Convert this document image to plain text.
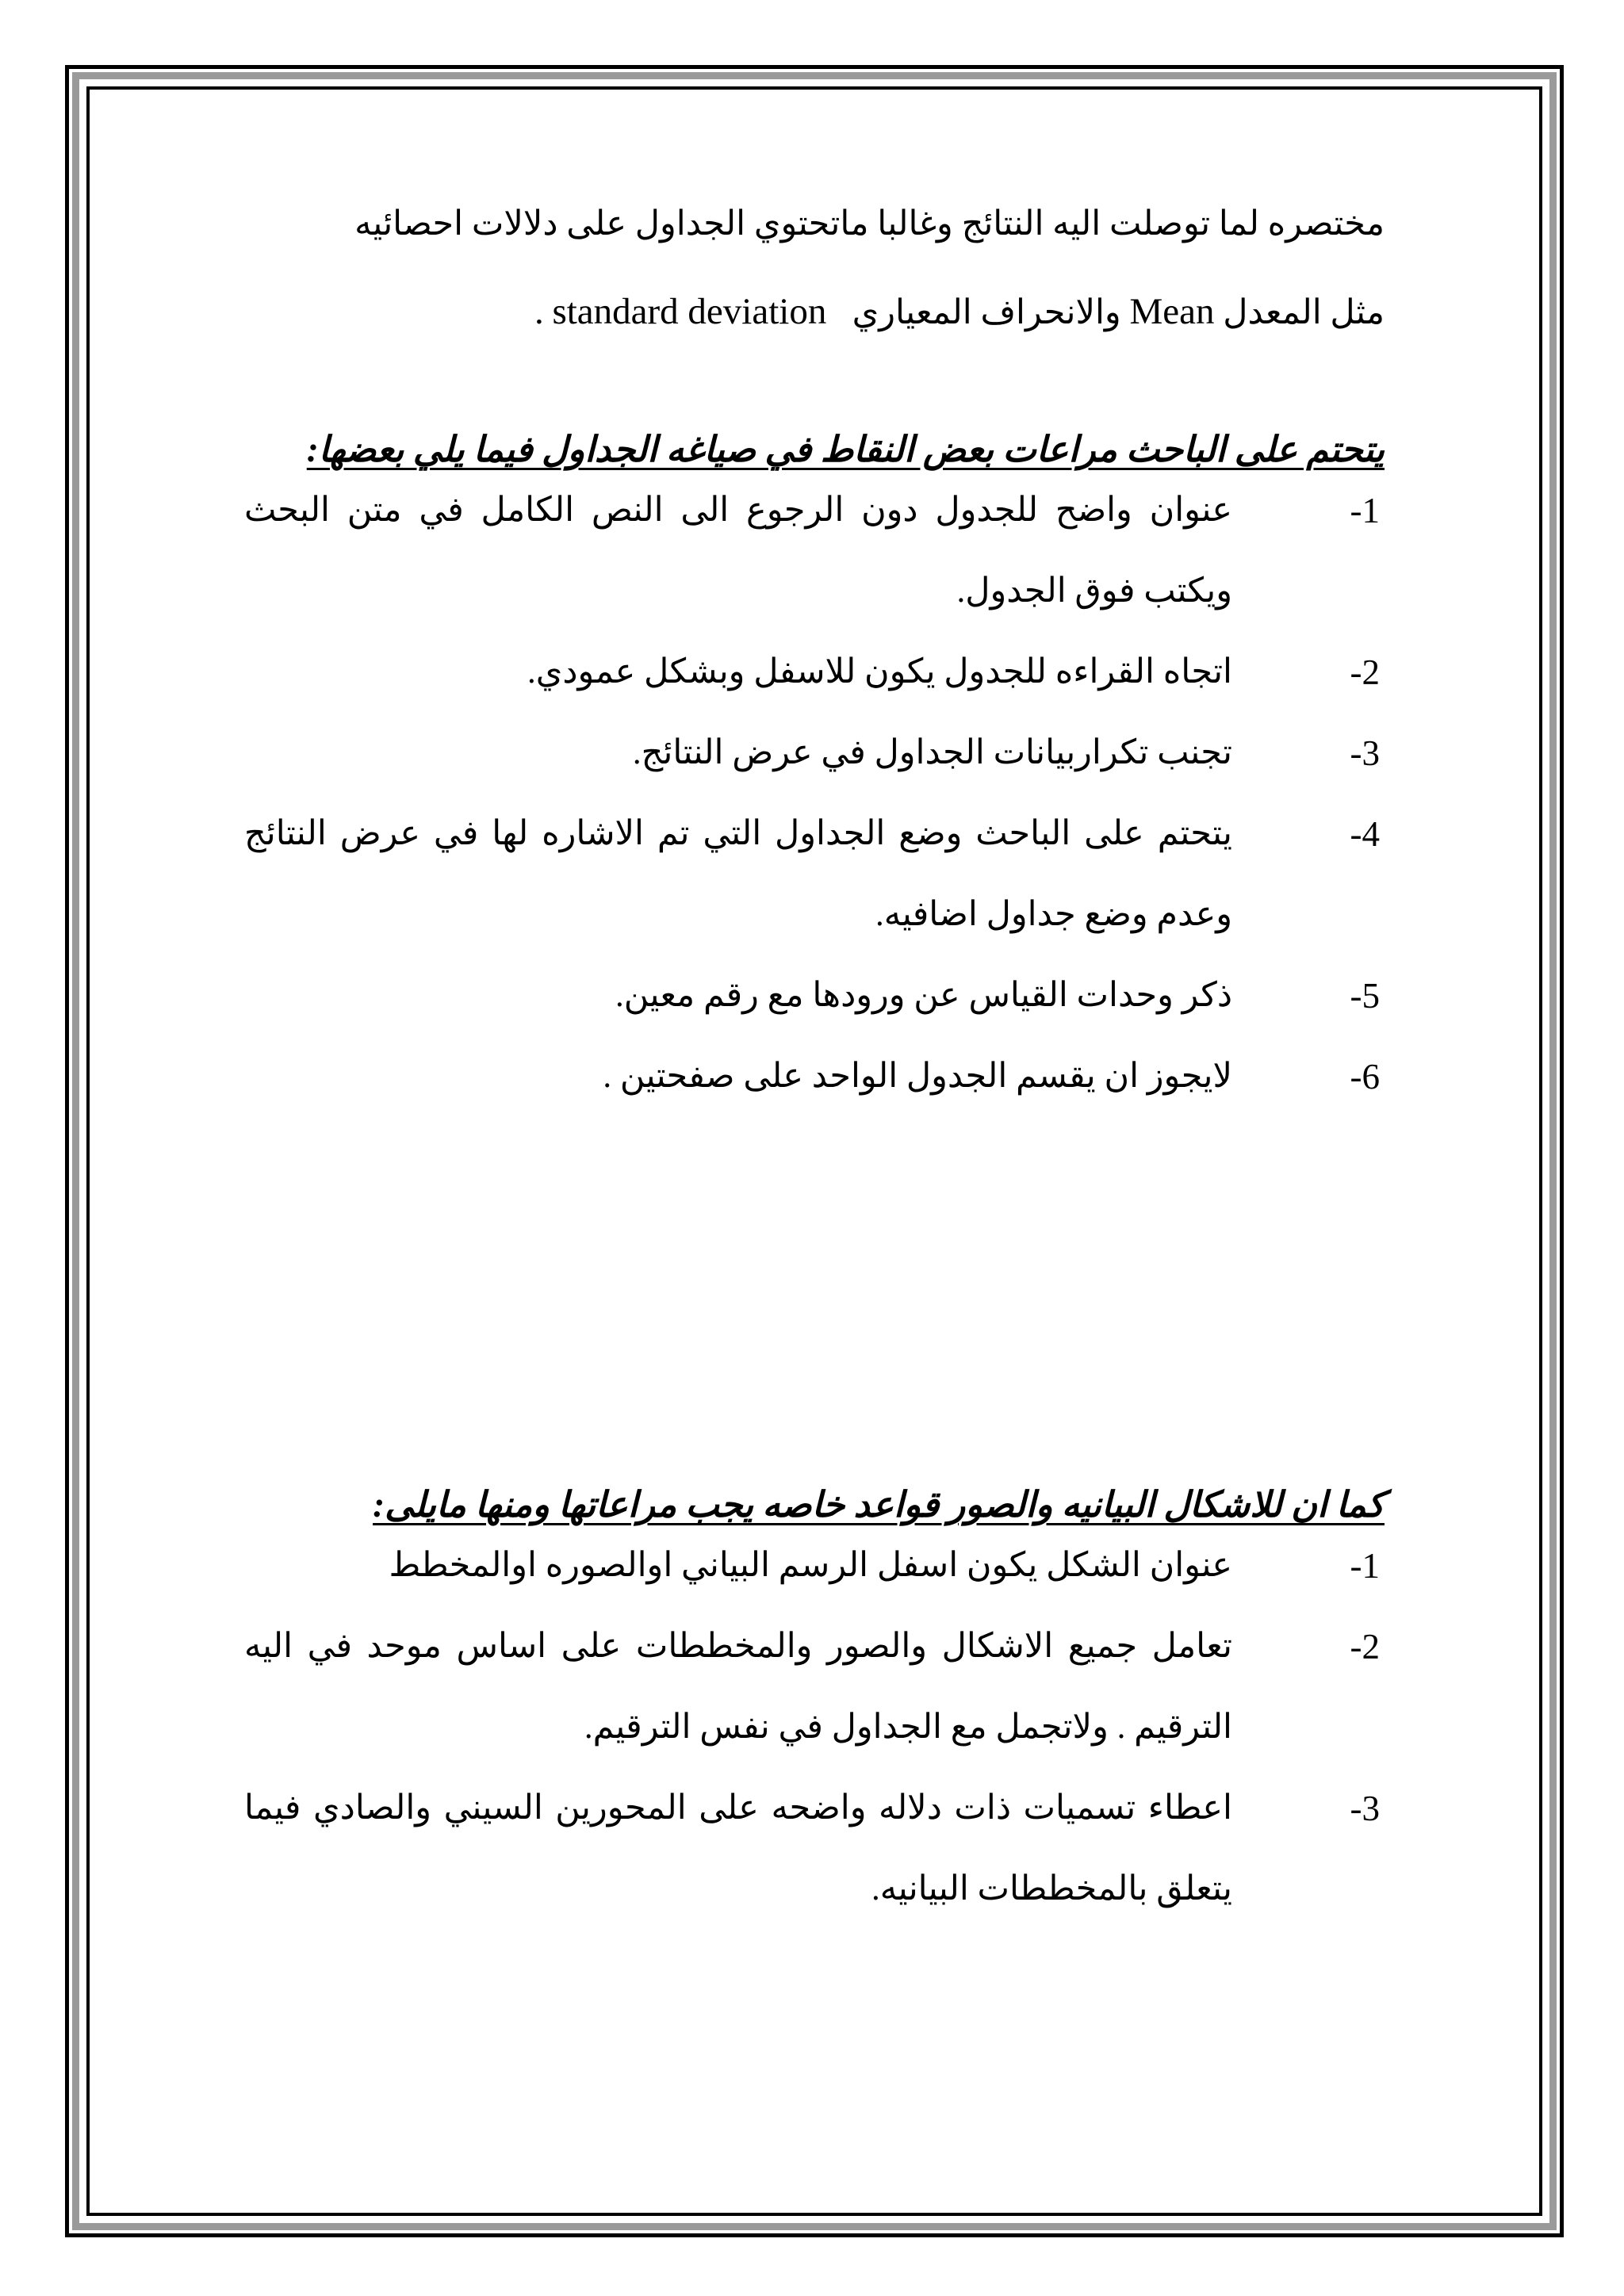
مختصره لما توصلت اليه النتائج وغالبا ماتحتوي الجداول على دلالات احصائيه

مثل المعدل Mean والانحراف المعياري   standard deviation .

يتحتم على الباحث مراعات بعض النقاط في صياغه الجداول فيما يلي بعضها:

-1
عنوان واضح للجدول دون الرجوع الى النص الكامل في متن البحث ويكتب فوق الجدول.
-2
اتجاه القراءه للجدول يكون للاسفل وبشكل عمودي.
-3
تجنب تكراربيانات الجداول في عرض النتائج.
-4
يتحتم على الباحث وضع الجداول التي تم الاشاره لها في عرض النتائج وعدم وضع جداول اضافيه.
-5
ذكر وحدات القياس عن ورودها مع رقم معين.
-6
لايجوز ان يقسم الجدول الواحد على صفحتين .

كما ان للاشكال البيانيه والصور قواعد خاصه يجب مراعاتها ومنها مايلى:

-1
عنوان الشكل يكون اسفل الرسم البياني اوالصوره اوالمخطط
-2
تعامل جميع الاشكال والصور والمخططات على اساس موحد في اليه الترقيم . ولاتجمل مع الجداول في نفس الترقيم.
-3
اعطاء تسميات ذات دلاله واضحه على المحورين السيني والصادي فيما يتعلق بالمخططات البيانيه.
